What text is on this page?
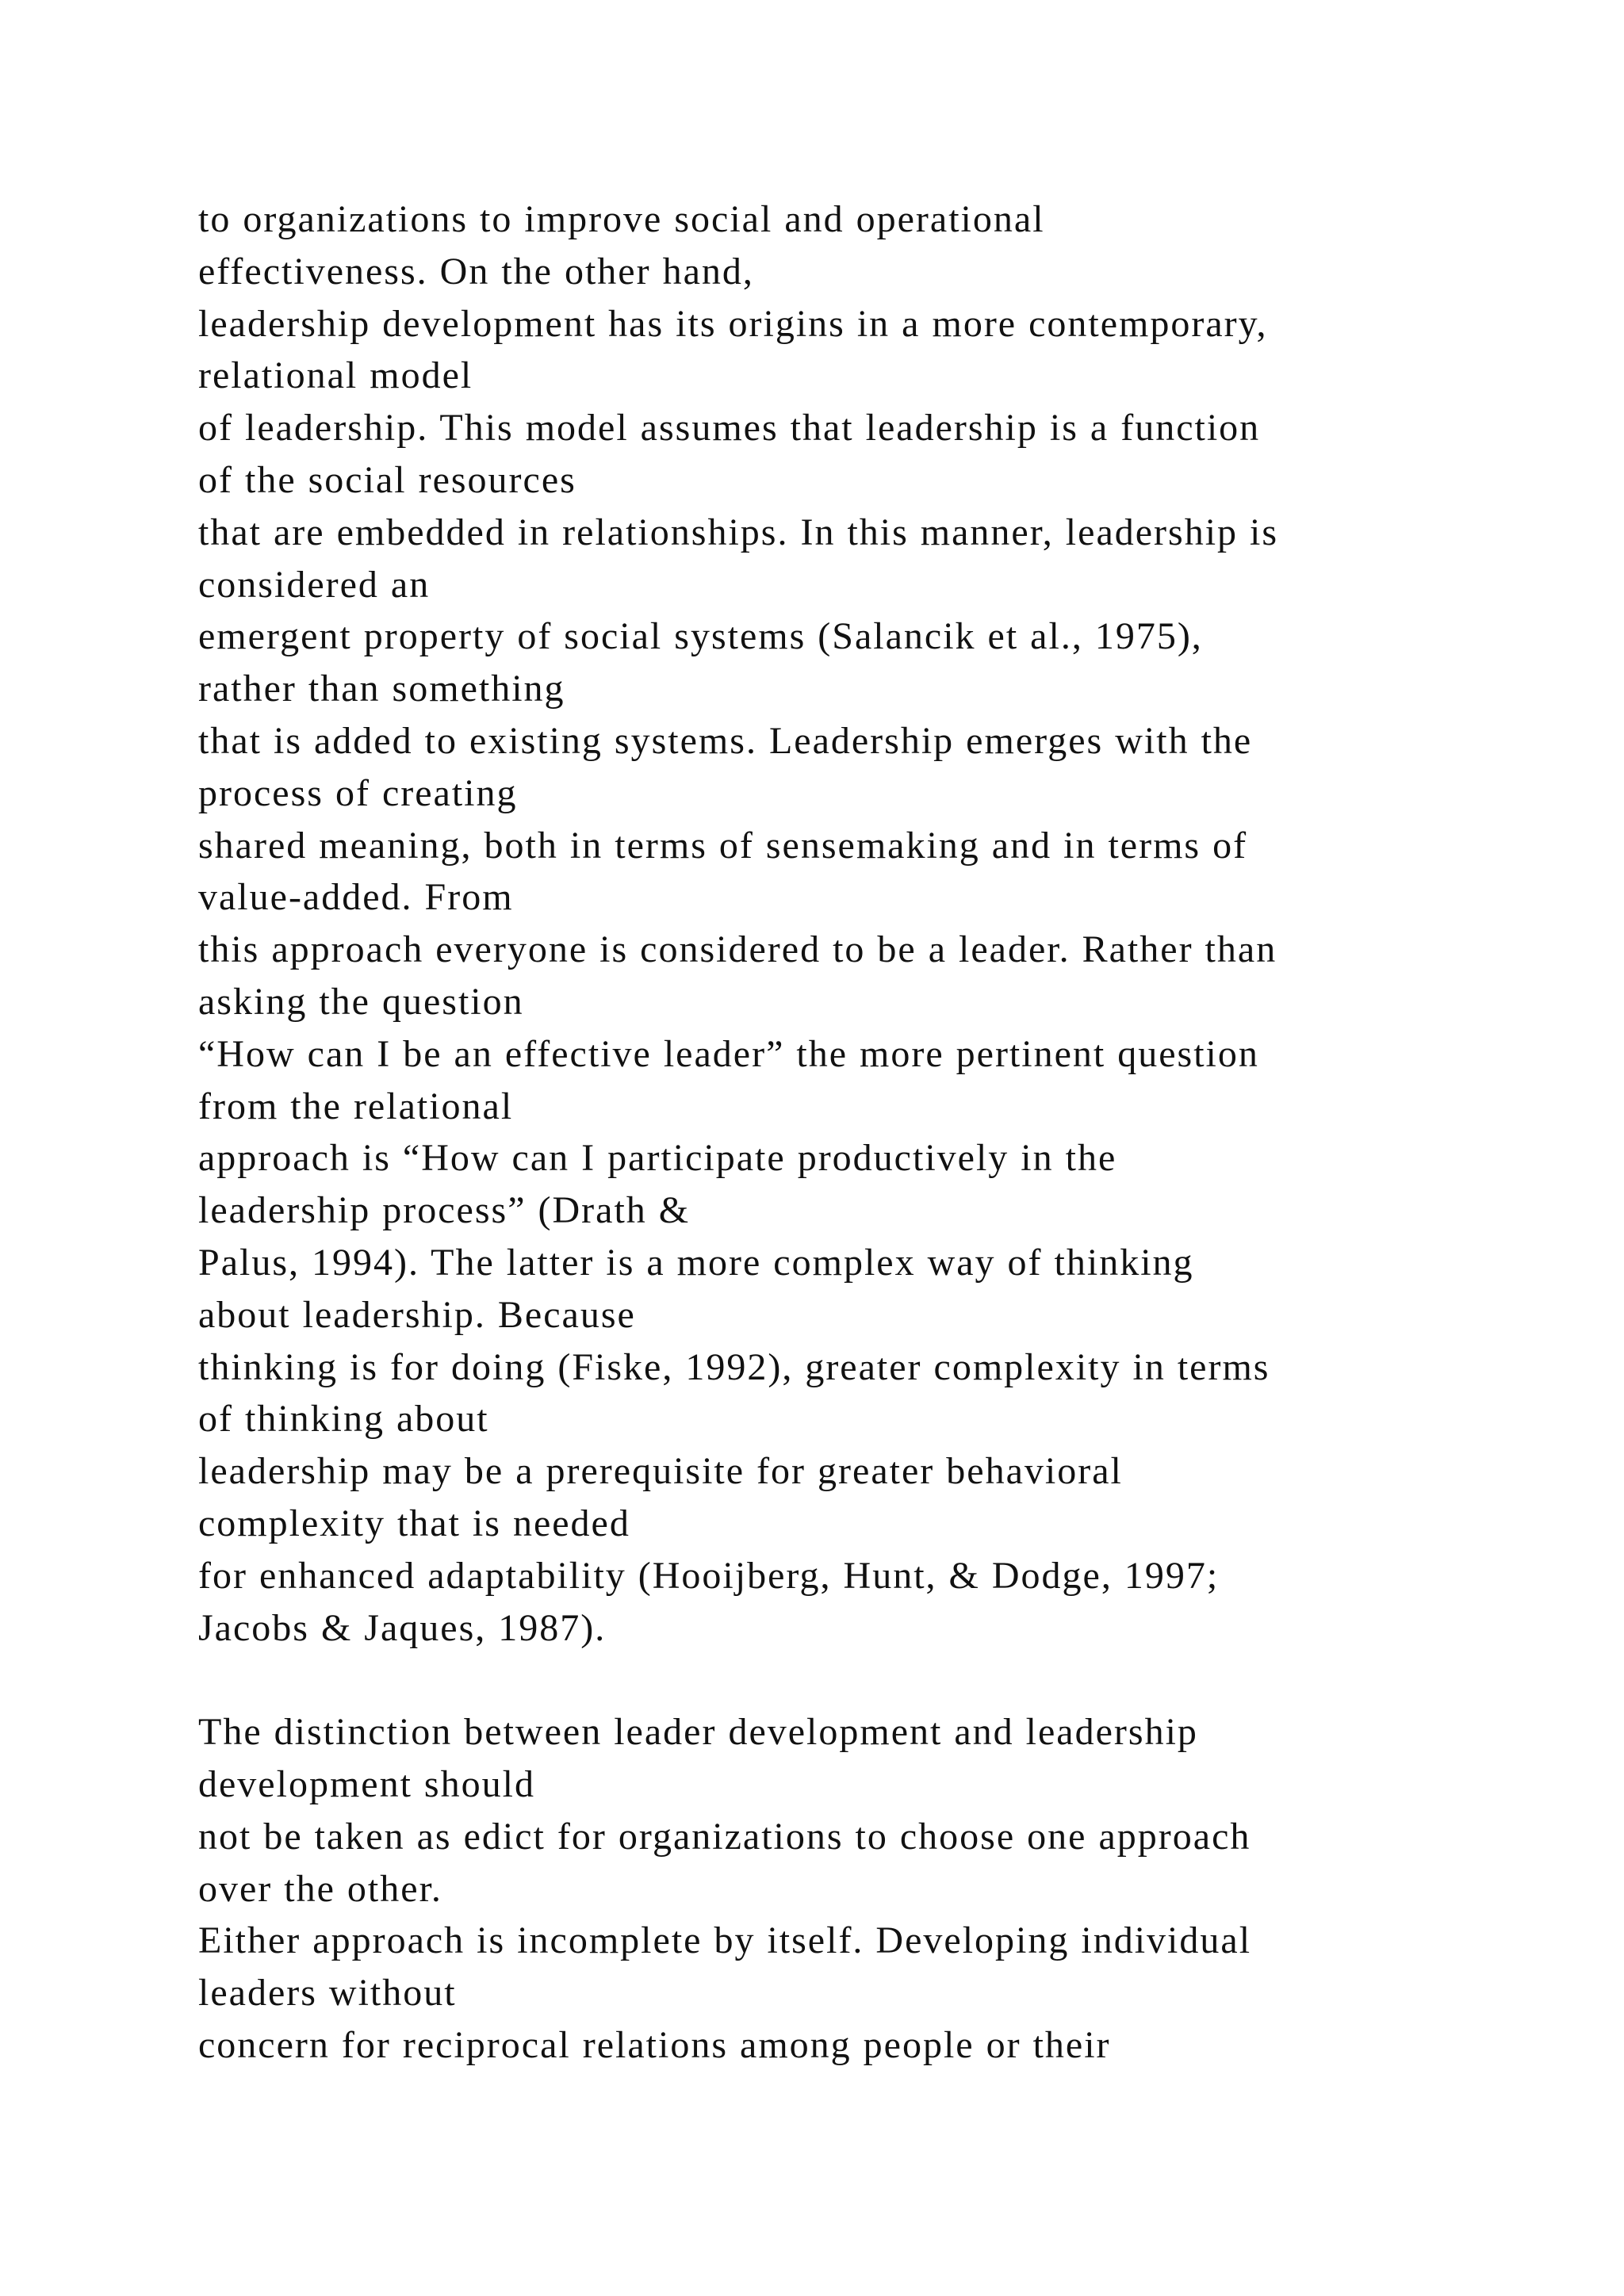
to organizations to improve social and operational
effectiveness. On the other hand,
leadership development has its origins in a more contemporary,
relational model
of leadership. This model assumes that leadership is a function
of the social resources
that are embedded in relationships. In this manner, leadership is
considered an
emergent property of social systems (Salancik et al., 1975),
rather than something
that is added to existing systems. Leadership emerges with the
process of creating
shared meaning, both in terms of sensemaking and in terms of
value-added. From
this approach everyone is considered to be a leader. Rather than
asking the question
“How can I be an effective leader” the more pertinent question
from the relational
approach is “How can I participate productively in the
leadership process” (Drath &
Palus, 1994). The latter is a more complex way of thinking
about leadership. Because
thinking is for doing (Fiske, 1992), greater complexity in terms
of thinking about
leadership may be a prerequisite for greater behavioral
complexity that is needed
for enhanced adaptability (Hooijberg, Hunt, & Dodge, 1997;
Jacobs & Jaques, 1987).
The distinction between leader development and leadership
development should
not be taken as edict for organizations to choose one approach
over the other.
Either approach is incomplete by itself. Developing individual
leaders without
concern for reciprocal relations among people or their
